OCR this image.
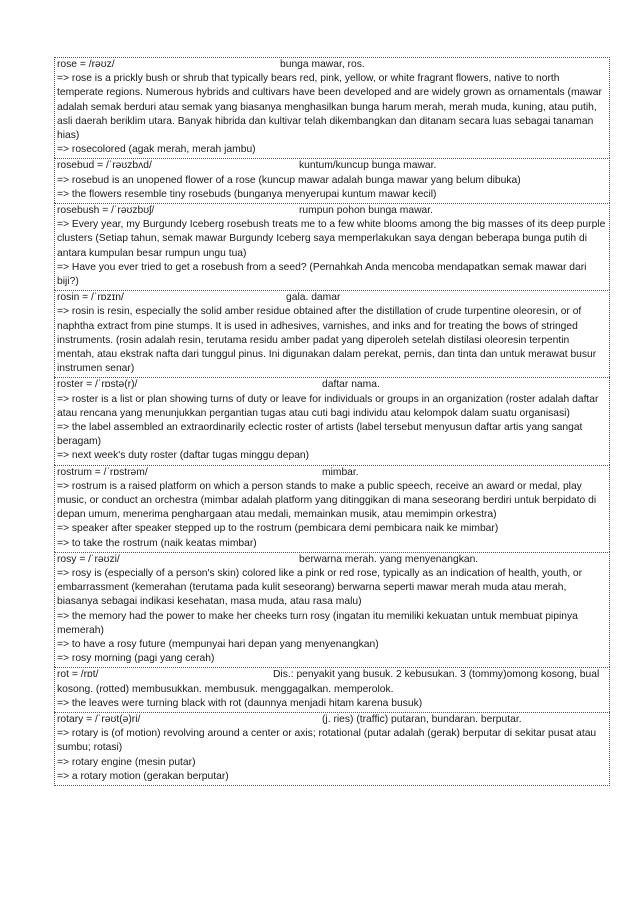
rose = /rəʊz/	bunga mawar, ros.
=> rose is a prickly bush or shrub that typically bears red, pink, yellow, or white fragrant flowers, native to north temperate regions. Numerous hybrids and cultivars have been developed and are widely grown as ornamentals (mawar adalah semak berduri atau semak yang biasanya menghasilkan bunga harum merah, merah muda, kuning, atau putih, asli daerah beriklim utara. Banyak hibrida dan kultivar telah dikembangkan dan ditanam secara luas sebagai tanaman hias)
=> rosecolored (agak merah, merah jambu)
rosebud = /ˈrəʊzbʌd/	kuntum/kuncup bunga mawar.
=> rosebud is an unopened flower of a rose (kuncup mawar adalah bunga mawar yang belum dibuka)
=> the flowers resemble tiny rosebuds (bunganya menyerupai kuntum mawar kecil)
rosebush = /ˈrəʊzbʊʃ/	rumpun pohon bunga mawar.
=> Every year, my Burgundy Iceberg rosebush treats me to a few white blooms among the big masses of its deep purple clusters (Setiap tahun, semak mawar Burgundy Iceberg saya memperlakukan saya dengan beberapa bunga putih di antara kumpulan besar rumpun ungu tua)
=> Have you ever tried to get a rosebush from a seed? (Pernahkah Anda mencoba mendapatkan semak mawar dari biji?)
rosin = /ˈrɒzɪn/	gala. damar
=> rosin is resin, especially the solid amber residue obtained after the distillation of crude turpentine oleoresin, or of naphtha extract from pine stumps. It is used in adhesives, varnishes, and inks and for treating the bows of stringed instruments. (rosin adalah resin, terutama residu amber padat yang diperoleh setelah distilasi oleoresin terpentin mentah, atau ekstrak nafta dari tunggul pinus. Ini digunakan dalam perekat, pernis, dan tinta dan untuk merawat busur instrumen senar)
roster = /ˈrɒstə(r)/	daftar nama.
=> roster is a list or plan showing turns of duty or leave for individuals or groups in an organization (roster adalah daftar atau rencana yang menunjukkan pergantian tugas atau cuti bagi individu atau kelompok dalam suatu organisasi)
=> the label assembled an extraordinarily eclectic roster of artists (label tersebut menyusun daftar artis yang sangat beragam)
=> next week's duty roster (daftar tugas minggu depan)
rostrum = /ˈrɒstrəm/	mimbar.
=> rostrum is a raised platform on which a person stands to make a public speech, receive an award or medal, play music, or conduct an orchestra (mimbar adalah platform yang ditinggikan di mana seseorang berdiri untuk berpidato di depan umum, menerima penghargaan atau medali, memainkan musik, atau memimpin orkestra)
=> speaker after speaker stepped up to the rostrum (pembicara demi pembicara naik ke mimbar)
=> to take the rostrum (naik keatas mimbar)
rosy = /ˈrəʊzi/	berwarna merah. yang menyenangkan.
=> rosy is (especially of a person's skin) colored like a pink or red rose, typically as an indication of health, youth, or embarrassment (kemerahan (terutama pada kulit seseorang) berwarna seperti mawar merah muda atau merah, biasanya sebagai indikasi kesehatan, masa muda, atau rasa malu)
=> the memory had the power to make her cheeks turn rosy (ingatan itu memiliki kekuatan untuk membuat pipinya memerah)
=> to have a rosy future (mempunyai hari depan yang menyenangkan)
=> rosy morning (pagi yang cerah)
rot = /rɒt/	Dis.: penyakit yang busuk. 2 kebusukan. 3 (tommy)omong kosong, bual kosong. (rotted) membusukkan. membusuk. menggagalkan. memperolok.
=> the leaves were turning black with rot (daunnya menjadi hitam karena busuk)
rotary = /ˈrəʊt(ə)ri/	(j. ries) (traffic) putaran, bundaran. berputar.
=> rotary is (of motion) revolving around a center or axis; rotational (putar adalah (gerak) berputar di sekitar pusat atau sumbu; rotasi)
=> rotary engine (mesin putar)
=> a rotary motion (gerakan berputar)
